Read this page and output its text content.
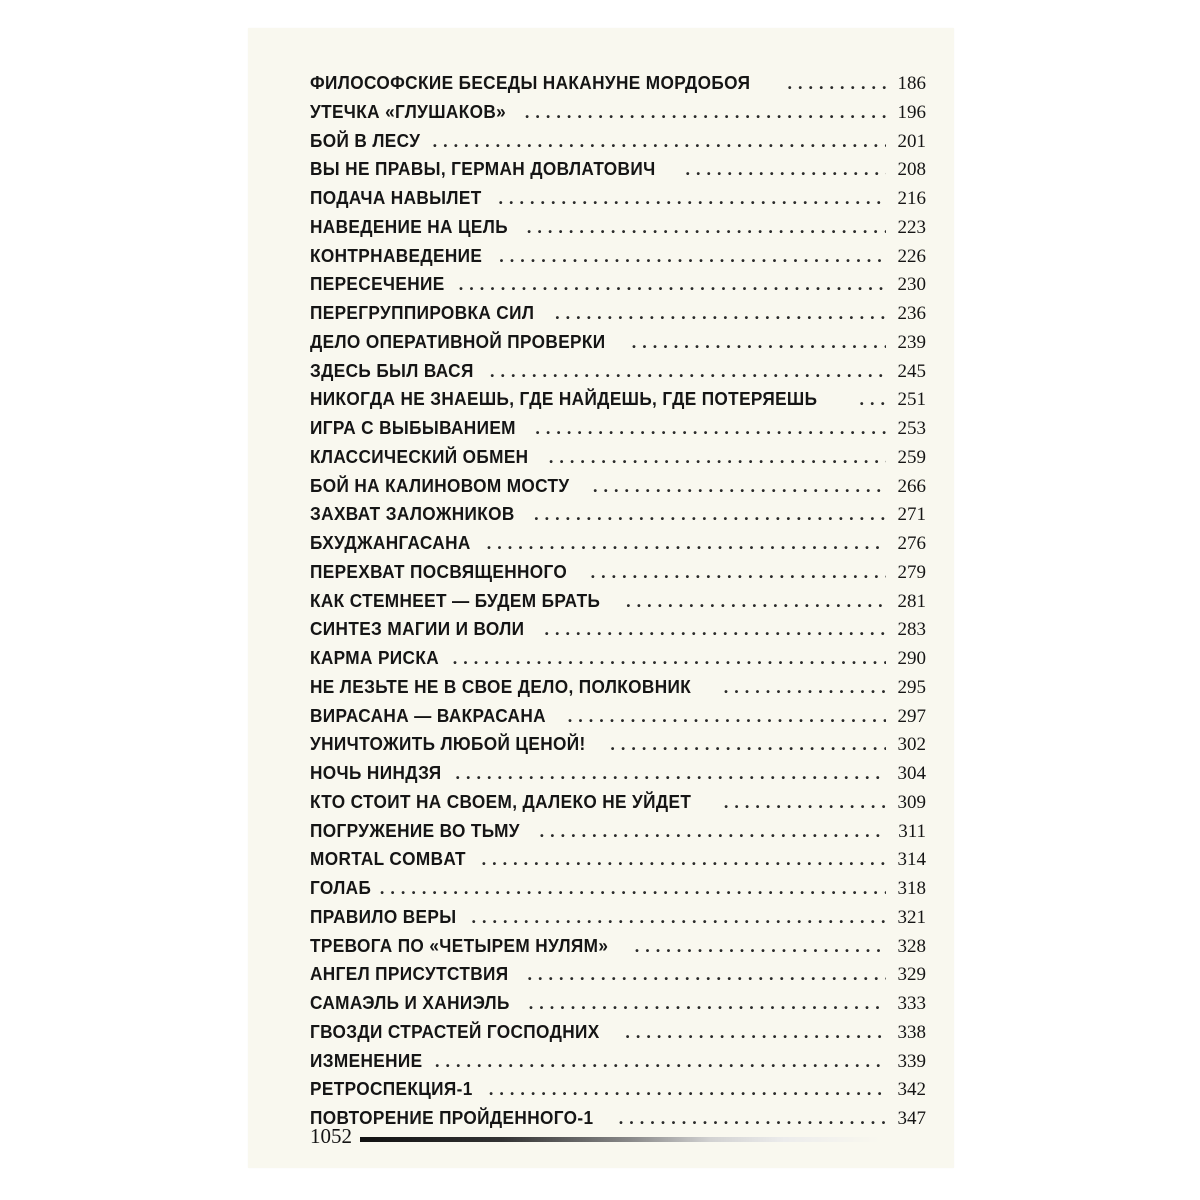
ФИЛОСОФСКИЕ БЕСЕДЫ НАКАНУНЕ МОРДОБОЯ . . .	186
УТЕЧКА «ГЛУШАКОВ» . . .	196
БОЙ В ЛЕСУ . . .	201
ВЫ НЕ ПРАВЫ, ГЕРМАН ДОВЛАТОВИЧ . . .	208
ПОДАЧА НАВЫЛЕТ . . .	216
НАВЕДЕНИЕ НА ЦЕЛЬ . . .	223
КОНТРНАВЕДЕНИЕ . . .	226
ПЕРЕСЕЧЕНИЕ . . .	230
ПЕРЕГРУППИРОВКА СИЛ . . .	236
ДЕЛО ОПЕРАТИВНОЙ ПРОВЕРКИ . . .	239
ЗДЕСЬ БЫЛ ВАСЯ . . .	245
НИКОГДА НЕ ЗНАЕШЬ, ГДЕ НАЙДЕШЬ, ГДЕ ПОТЕРЯЕШЬ . . .	251
ИГРА С ВЫБЫВАНИЕМ . . .	253
КЛАССИЧЕСКИЙ ОБМЕН . . .	259
БОЙ НА КАЛИНОВОМ МОСТУ . . .	266
ЗАХВАТ ЗАЛОЖНИКОВ . . .	271
БХУДЖАНГАСАНА . . .	276
ПЕРЕХВАТ ПОСВЯЩЕННОГО . . .	279
КАК СТЕМНЕЕТ — БУДЕМ БРАТЬ . . .	281
СИНТЕЗ МАГИИ И ВОЛИ . . .	283
КАРМА РИСКА . . .	290
НЕ ЛЕЗЬТЕ НЕ В СВОЕ ДЕЛО, ПОЛКОВНИК . . .	295
ВИРАСАНА — ВАКРАСАНА . . .	297
УНИЧТОЖИТЬ ЛЮБОЙ ЦЕНОЙ! . . .	302
НОЧЬ НИНДЗЯ . . .	304
КТО СТОИТ НА СВОЕМ, ДАЛЕКО НЕ УЙДЕТ . . .	309
ПОГРУЖЕНИЕ ВО ТЬМУ . . .	311
MORTAL COMBAT . . .	314
ГОЛАБ . . .	318
ПРАВИЛО ВЕРЫ . . .	321
ТРЕВОГА ПО «ЧЕТЫРЕМ НУЛЯМ» . . .	328
АНГЕЛ ПРИСУТСТВИЯ . . .	329
САМАЭЛЬ И ХАНИЭЛЬ . . .	333
ГВОЗДИ СТРАСТЕЙ ГОСПОДНИХ . . .	338
ИЗМЕНЕНИЕ . . .	339
РЕТРОСПЕКЦИЯ-1 . . .	342
ПОВТОРЕНИЕ ПРОЙДЕННОГО-1 . . .	347
1052
